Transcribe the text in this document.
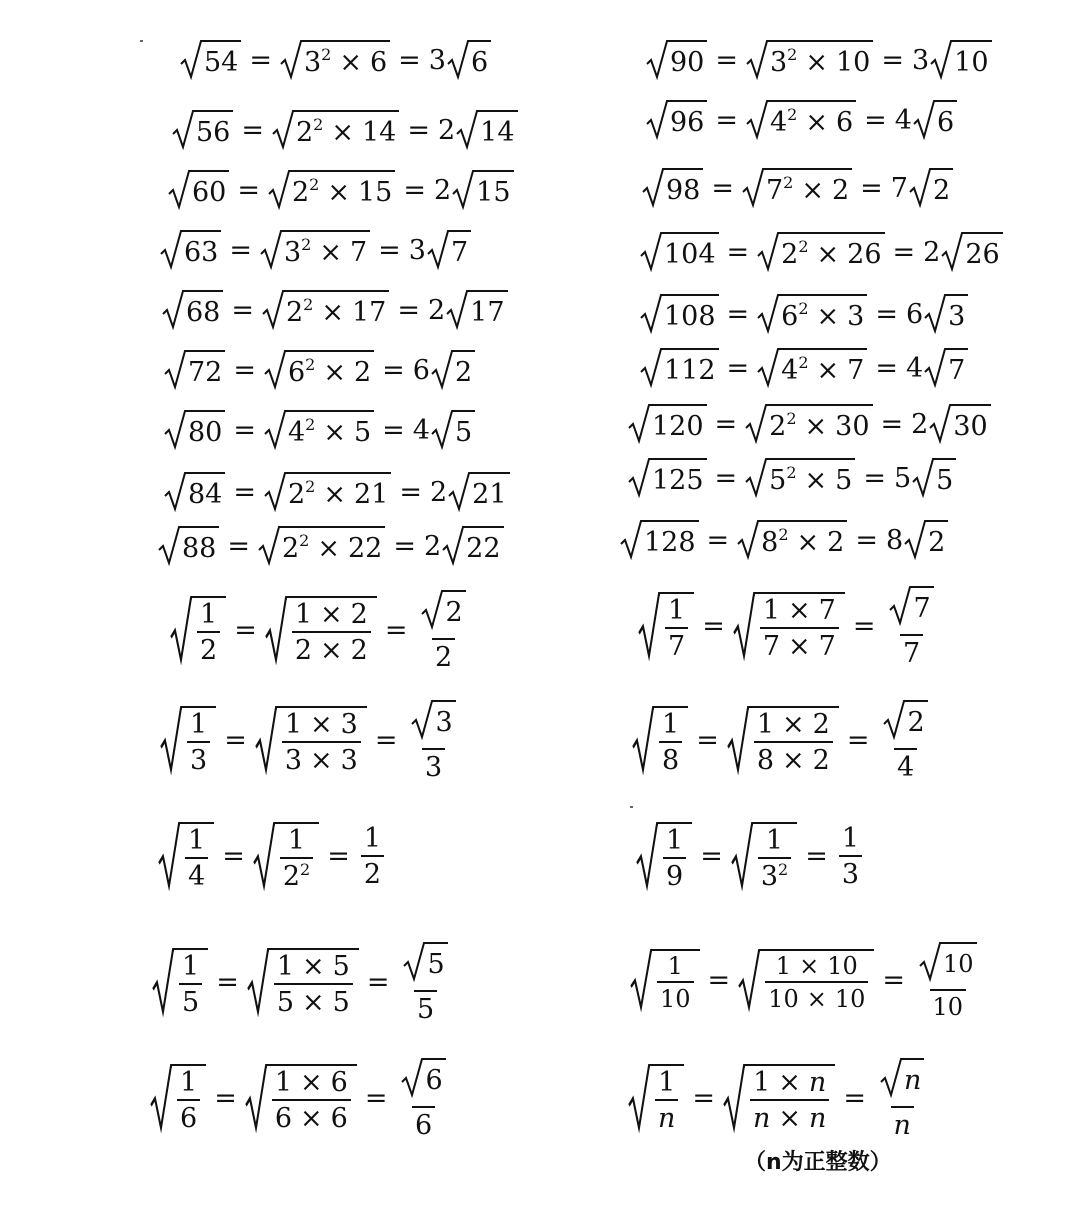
$54 = 3^2 \times 6 = 3$ 6
$56 = 2^2 \times 14 = 2$ 14
$60 = 2^2 \times 15 = 2$ 15
$63 = 3^2 \times 7 = 3$ 7
$68 = 2^2 \times 17 = 2$ 17
$72 = 6^2 \times 2 = 6$ 2
$80 = 4^2 \times 5 = 4$ 5
$84 = 2^2 \times 21 = 2$ 21
$88 = 2^2 \times 22 = 2$ 22
$\frac{1}{2} = \frac{1 \times 2}{2 \times 2} = \frac{2}{2}$
$\frac{1}{3} = \frac{1 \times 3}{3 \times 3} = \frac{3}{3}$
$\frac{1}{4} = \frac{1}{2^2} = \frac{1}{2}$
$\frac{1}{5} = \frac{1 \times 5}{5 \times 5} = \frac{5}{5}$
$\frac{1}{6} = \frac{1 \times 6}{6 \times 6} = \frac{6}{6}$
$90 = 3^2 \times 10 = 3$ 10
$96 = 4^2 \times 6 = 4$ 6
$98 = 7^2 \times 2 = 7$ 2
$104 = 2^2 \times 26 = 2$ 26
$108 = 6^2 \times 3 = 6$ 3
$112 = 4^2 \times 7 = 4$ 7
$120 = 2^2 \times 30 = 2$ 30
$125 = 5^2 \times 5 = 5$ 5
$128 = 8^2 \times 2 = 8$ 2
$\frac{1}{7} = \frac{1 \times 7}{7 \times 7} = \frac{7}{7}$
$\frac{1}{8} = \frac{1 \times 2}{8 \times 2} = \frac{2}{4}$
$\frac{1}{9} = \frac{1}{3^2} = \frac{1}{3}$
$\frac{1}{10} = \frac{1 \times 10}{10 \times 10} = \frac{10}{10}$
$\frac{1}{n} = \frac{1 \times n}{n \times n} = \frac{n}{n}$
（n为正整数）
